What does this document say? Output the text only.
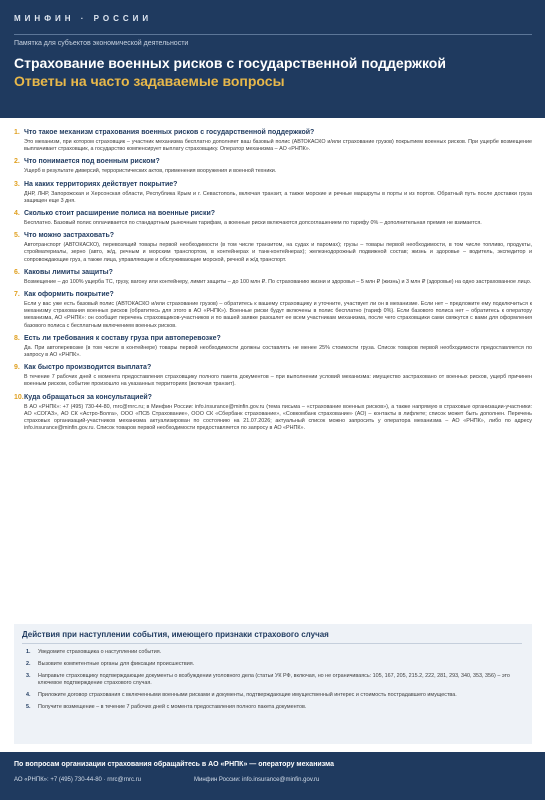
МИНФИН · РОССИИ
Памятка для субъектов экономической деятельности
Страхование военных рисков с государственной поддержкой
Ответы на часто задаваемые вопросы
1. Что такое механизм страхования военных рисков с государственной поддержкой?
Это механизм, при котором страховщик – участник механизма бесплатно дополняет ваш базовый полис (АВТОКАСКО и/или страхование грузов) покрытием военных рисков. При ущербе возмещение выплачивает страховщик, а государство компенсирует выплату страховщику. Оператор механизма – АО «РНПК».
2. Что понимается под военным риском?
Ущерб в результате диверсий, террористических актов, применения вооружения и военной техники.
3. На каких территориях действует покрытие?
ДНР, ЛНР, Запорожская и Херсонская области, Республика Крым и г. Севастополь, включая транзит, а также морские и речные маршруты в порты и из портов. Обратный путь после доставки груза защищен еще 3 дня.
4. Сколько стоит расширение полиса на военные риски?
Бесплатно. Базовый полис оплачивается по стандартным рыночным тарифам, а военные риски включаются допсоглашением по тарифу 0% – дополнительная премия не взимается.
5. Что можно застраховать?
Автотранспорт (АВТОКАСКО), перевозящий товары первой необходимости (в том числе транзитом, на судах и паромах); грузы – товары первой необходимости, в том числе топливо, продукты, стройматериалы, зерно (авто, ж/д, речным и морским транспортом, в контейнерах и танк-контейнерах); железнодорожный подвижной состав; жизнь и здоровье – водитель, экспедитор и сопровождающие груз, а также лица, управляющие и обслуживающие морской, речной и ж/д транспорт.
6. Каковы лимиты защиты?
Возмещение – до 100% ущерба ТС, грузу, вагону или контейнеру, лимит защиты – до 100 млн ₽. По страхованию жизни и здоровья – 5 млн ₽ (жизнь) и 3 млн ₽ (здоровье) на одно застрахованное лицо.
7. Как оформить покрытие?
Если у вас уже есть базовый полис (АВТОКАСКО и/или страхование грузов) – обратитесь к вашему страховщику и уточните, участвует ли он в механизме. Если нет – предложите ему подключиться к механизму страхования военных рисков (обратитесь для этого в АО «РНПК»). Военные риски будут включены в полис бесплатно (тариф 0%). Если базового полиса нет – обратитесь к оператору механизма, АО «РНПК»: он сообщит перечень страховщиков-участников и по вашей заявке разошлет ее всем участникам механизма, после чего страховщики сами свяжутся с вами для оформления базового полиса с бесплатным включением военных рисков.
8. Есть ли требования к составу груза при автоперевозке?
Да. При автоперевозке (в том числе в контейнере) товары первой необходимости должны составлять не менее 25% стоимости груза. Список товаров первой необходимости предоставляется по запросу в АО «РНПК».
9. Как быстро производится выплата?
В течение 7 рабочих дней с момента предоставления страховщику полного пакета документов – при выполнении условий механизма: имущество застраховано от военных рисков, ущерб причинен военным риском, событие произошло на указанных территориях (включая транзит).
10.Куда обращаться за консультацией?
В АО «РНПК»: +7 (495) 730-44-80, rnrc@rnrc.ru; в Минфин России: info.insurance@minfin.gov.ru (тема письма – «страхование военных рисков»), а также напрямую в страховые организации-участники: АО «СОГАЗ», АО СК «Астро-Волга», ООО «ПСБ Страхование», ООО СК «Сбербанк страхование», «Совкомбанк страхование» (АО) – контакты в лифлете; список может быть дополнен. Перечень страховых организаций-участников механизма актуализирован по состоянию на 21.07.2026; актуальный список можно запросить у оператора механизма – АО «РНПК», либо по адресу info.insurance@minfin.gov.ru. Список товаров первой необходимости предоставляется по запросу в АО «РНПК».
Действия при наступлении события, имеющего признаки страхового случая
1. Уведомите страховщика о наступлении события.
2. Вызовите компетентные органы для фиксации происшествия.
3. Направьте страховщику подтверждающие документы о возбуждении уголовного дела (статьи УК РФ, включая, но не ограничиваясь: 105, 167, 205, 215.2, 222, 281, 293, 340, 353, 356) – это ключевое подтверждение страхового случая.
4. Приложите договор страхования с включенными военными рисками и документы, подтверждающие имущественный интерес и стоимость пострадавшего имущества.
5. Получите возмещение – в течение 7 рабочих дней с момента предоставления полного пакета документов.
По вопросам организации страхования обращайтесь в АО «РНПК» — оператору механизма
АО «РНПК»: +7 (495) 730-44-80 · rnrc@rnrc.ru	Минфин России: info.insurance@minfin.gov.ru
